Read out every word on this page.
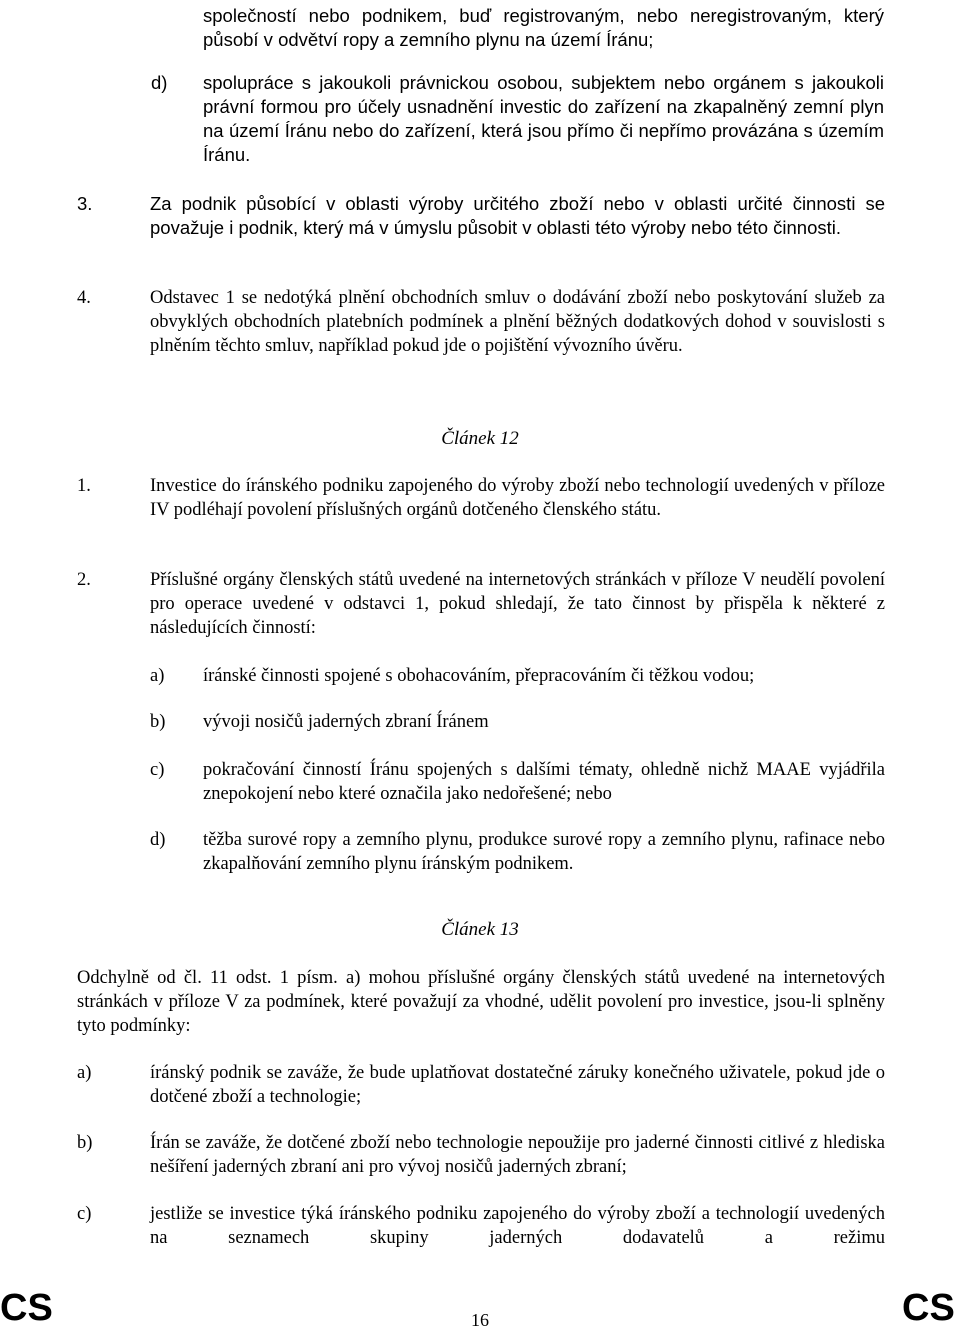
společností nebo podnikem, buď registrovaným, nebo neregistrovaným, který působí v odvětví ropy a zemního plynu na území Íránu;
d) spolupráce s jakoukoli právnickou osobou, subjektem nebo orgánem s jakoukoli právní formou pro účely usnadnění investic do zařízení na zkapalněný zemní plyn na území Íránu nebo do zařízení, která jsou přímo či nepřímo provázána s územím Íránu.
3.	Za podnik působící v oblasti výroby určitého zboží nebo v oblasti určité činnosti se považuje i podnik, který má v úmyslu působit v oblasti této výroby nebo této činnosti.
4.	Odstavec 1 se nedotýká plnění obchodních smluv o dodávání zboží nebo poskytování služeb za obvyklých obchodních platebních podmínek a plnění běžných dodatkových dohod v souvislosti s plněním těchto smluv, například pokud jde o pojištění vývozního úvěru.
Článek 12
1.	Investice do íránského podniku zapojeného do výroby zboží nebo technologií uvedených v příloze IV podléhají povolení příslušných orgánů dotčeného členského státu.
2.	Příslušné orgány členských států uvedené na internetových stránkách v příloze V neudělí povolení pro operace uvedené v odstavci 1, pokud shledají, že tato činnost by přispěla k některé z následujících činností:
a) íránské činnosti spojené s obohacováním, přepracováním či těžkou vodou;
b) vývoji nosičů jaderných zbraní Íránem
c) pokračování činností Íránu spojených s dalšími tématy, ohledně nichž MAAE vyjádřila znepokojení nebo které označila jako nedořešené; nebo
d) těžba surové ropy a zemního plynu, produkce surové ropy a zemního plynu, rafinace nebo zkapalňování zemního plynu íránským podnikem.
Článek 13
Odchylně od čl. 11 odst. 1 písm. a) mohou příslušné orgány členských států uvedené na internetových stránkách v příloze V za podmínek, které považují za vhodné, udělit povolení pro investice, jsou-li splněny tyto podmínky:
a)	íránský podnik se zaváže, že bude uplatňovat dostatečné záruky konečného uživatele, pokud jde o dotčené zboží a technologie;
b)	Írán se zaváže, že dotčené zboží nebo technologie nepoužije pro jaderné činnosti citlivé z hlediska nešíření jaderných zbraní ani pro vývoj nosičů jaderných zbraní;
c)	jestliže se investice týká íránského podniku zapojeného do výroby zboží a technologií uvedených na seznamech skupiny jaderných dodavatelů a režimu
CS	16	CS
